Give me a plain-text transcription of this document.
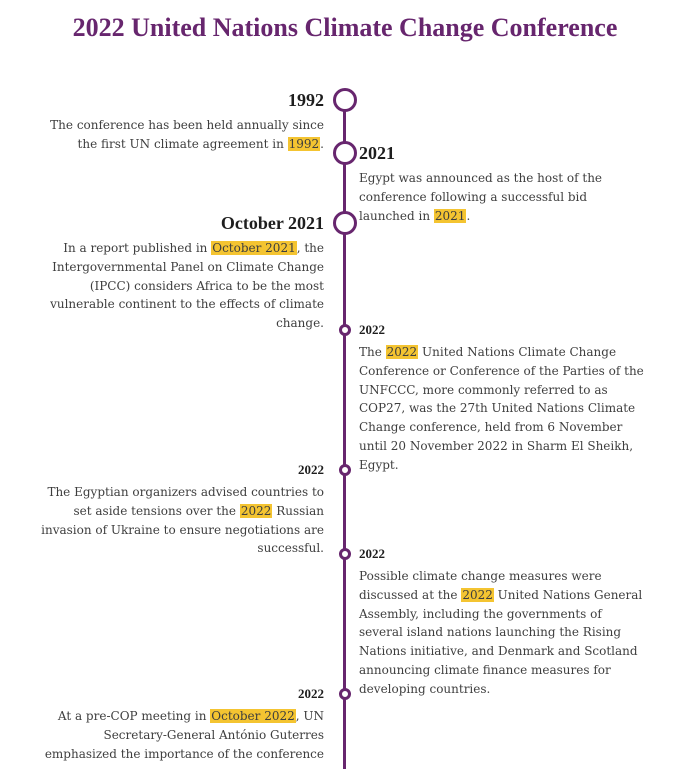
2022 United Nations Climate Change Conference
1992
The conference has been held annually since
the first UN climate agreement in 1992. 2021
Egypt was announced as the host of the
conference following a successful bid
launched in 2021.
October 2021
In a report published in October 2021, the
Intergovernmental Panel on Climate Change
(IPCC) considers Africa to be the most
vulnerable continent to the effects of climate
change.	2022
The 2022 United Nations Climate Change
Conference or Conference of the Parties of the
UNFCCC, more commonly referred to as
COP27, was the 27th United Nations Climate
Change conference, held from 6 November
until 20 November 2022 in Sharm El Sheikh,
Egypt.
2022
The Egyptian organizers advised countries to
set aside tensions over the 2022 Russian
invasion of Ukraine to ensure negotiations are
successful.	2022
Possible climate change measures were
discussed at the 2022 United Nations General
Assembly, including the governments of
several island nations launching the Rising
Nations initiative, and Denmark and Scotland
announcing climate finance measures for
developing countries.
2022
At a pre-COP meeting in October 2022, UN
Secretary-General António Guterres
emphasized the importance of the conference
